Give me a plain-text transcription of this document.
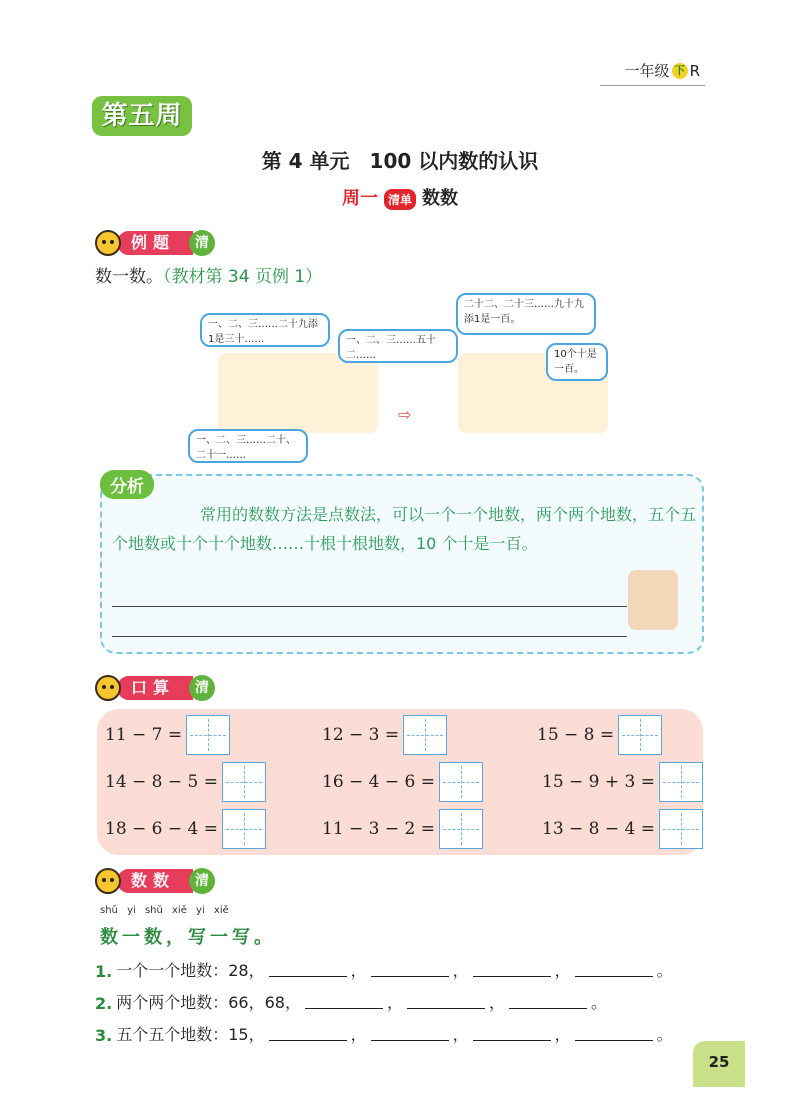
一年级 下 R
第五周
第 4 单元　100 以内数的认识
周一 清单 数数
例题	清
数一数。（教材第 34 页例 1）
⇨
一、二、三……二十九添1是三十……	一、二、三……五十二……
一、二、三……二十、二十一……
二十二、二十三……九十九添1是一百。
10个十是一百。
分析
常用的数数方法是点数法，可以一个一个地数，两个两个地数，五个五个地数或十个十个地数……十根十根地数，10 个十是一百。
口算	清
11 − 7 =	12 − 3 =	15 − 8 =
14 − 8 − 5 =	16 − 4 − 6 =	15 − 9 + 3 =
18 − 6 − 4 =	11 − 3 − 2 =	13 − 8 − 4 =
数数	清
shǔ yi shǔ xiě yi xiě
数一数，写一写。
1. 一个一个地数：28，	，	，	，	。
2. 两个两个地数：66，68，	，	，	。
3. 五个五个地数：15，	，	，	，	。
25
